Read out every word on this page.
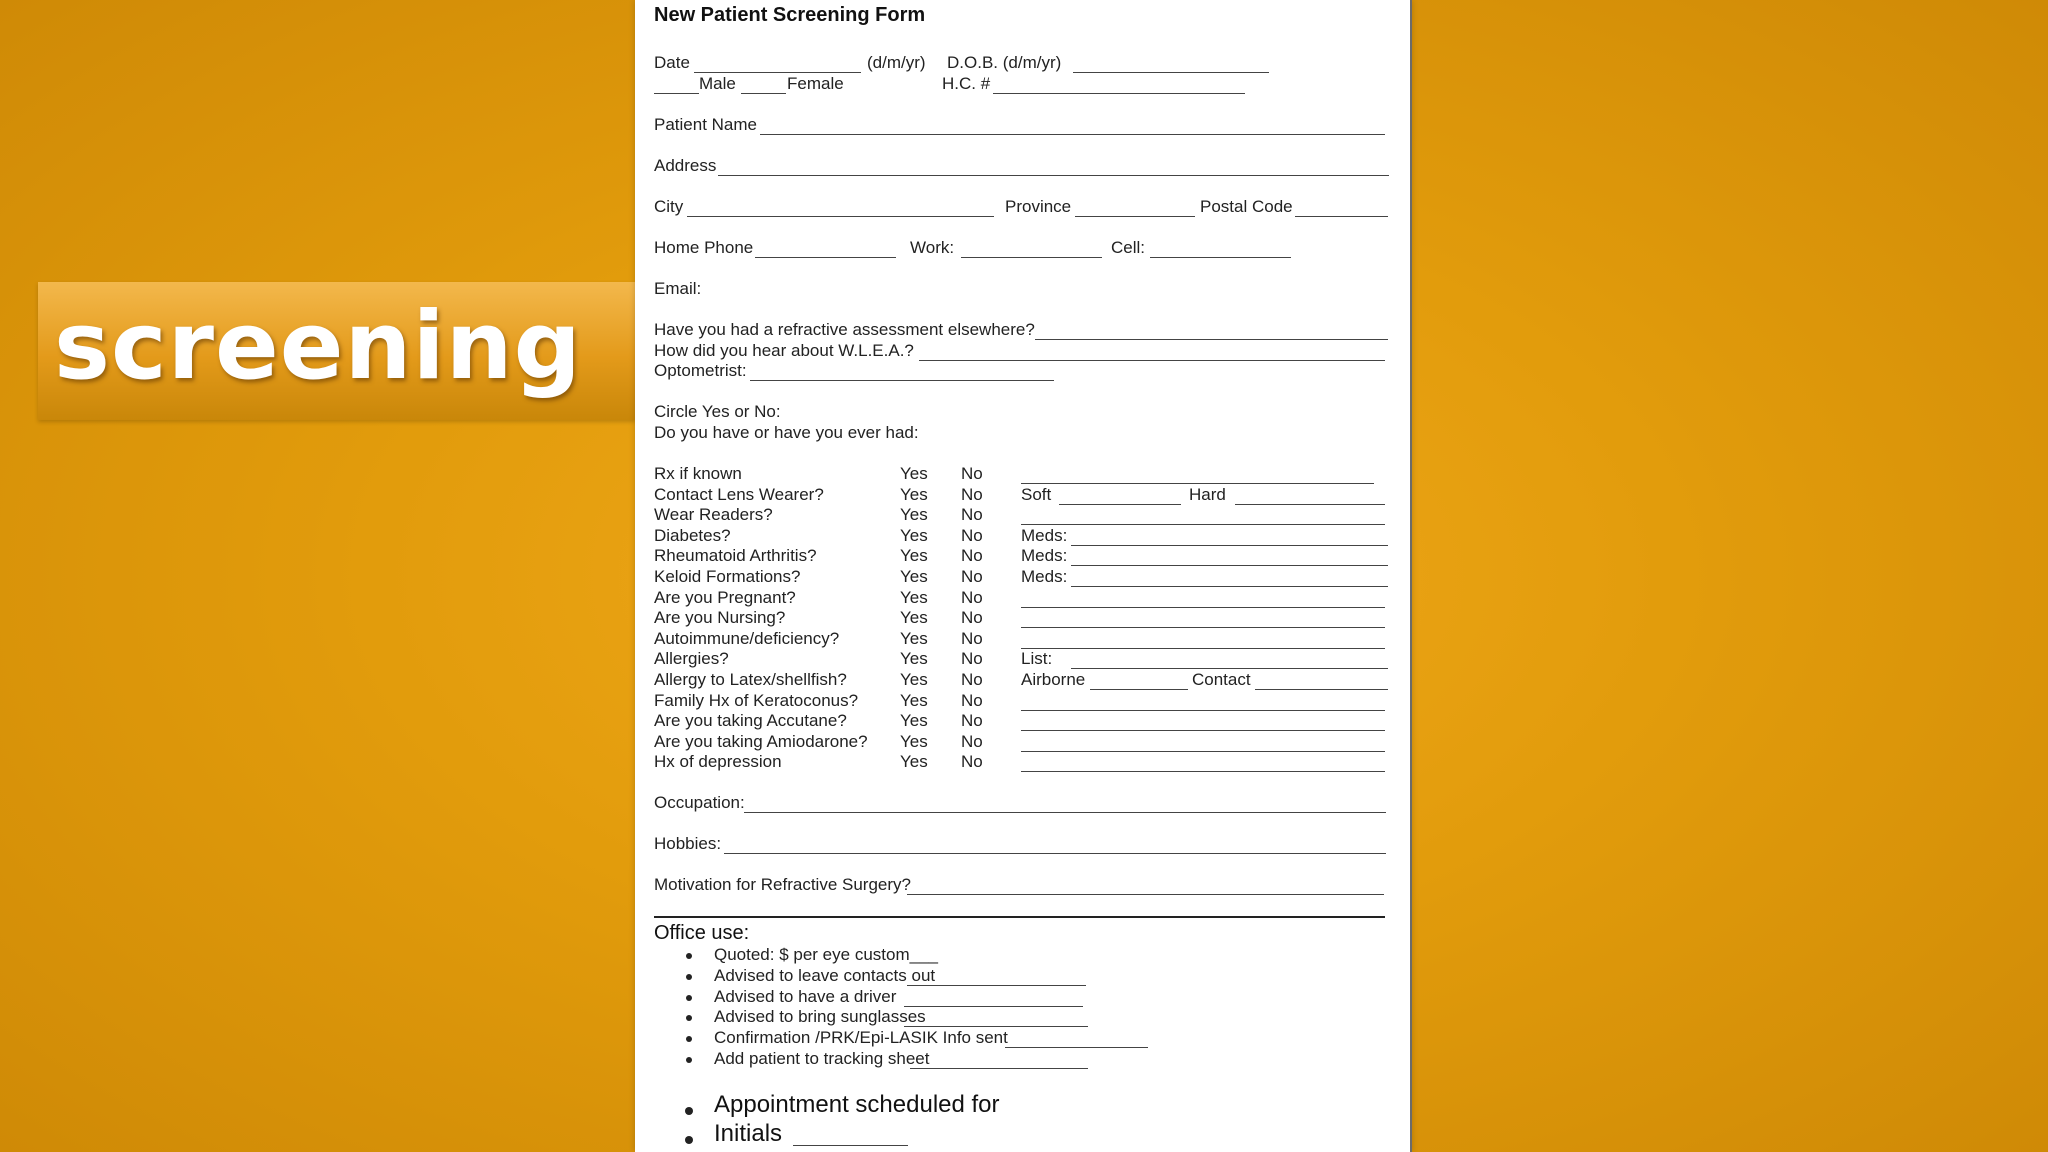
screening
New Patient Screening Form
Date	(d/m/yr) D.O.B. (d/m/yr)
Male	Female	H.C. #
Patient Name
Address
City	Province	Postal Code
Home Phone	Work:	Cell:
Email:
Have you had a refractive assessment elsewhere?
How did you hear about W.L.E.A.?
Optometrist:
Circle Yes or No:
Do you have or have you ever had:
Rx if known	Yes No
Contact Lens Wearer?	Yes No Soft	Hard
Wear Readers?	Yes No
Diabetes?	Yes No Meds:
Rheumatoid Arthritis?	Yes No Meds:
Keloid Formations?	Yes No Meds:
Are you Pregnant?	Yes No
Are you Nursing?	Yes No
Autoimmune/deficiency?	Yes No
Allergies?	Yes No List:
Allergy to Latex/shellfish?	Yes No Airborne	Contact
Family Hx of Keratoconus? Yes No
Are you taking Accutane?	Yes No
Are you taking Amiodarone? Yes No
Hx of depression	Yes No
Occupation:
Hobbies:
Motivation for Refractive Surgery?
Office use:
Quoted: $ per eye custom___
Advised to leave contacts out
Advised to have a driver
Advised to bring sunglasses
Confirmation /PRK/Epi-LASIK Info sent
Add patient to tracking sheet
Appointment scheduled for
Initials
